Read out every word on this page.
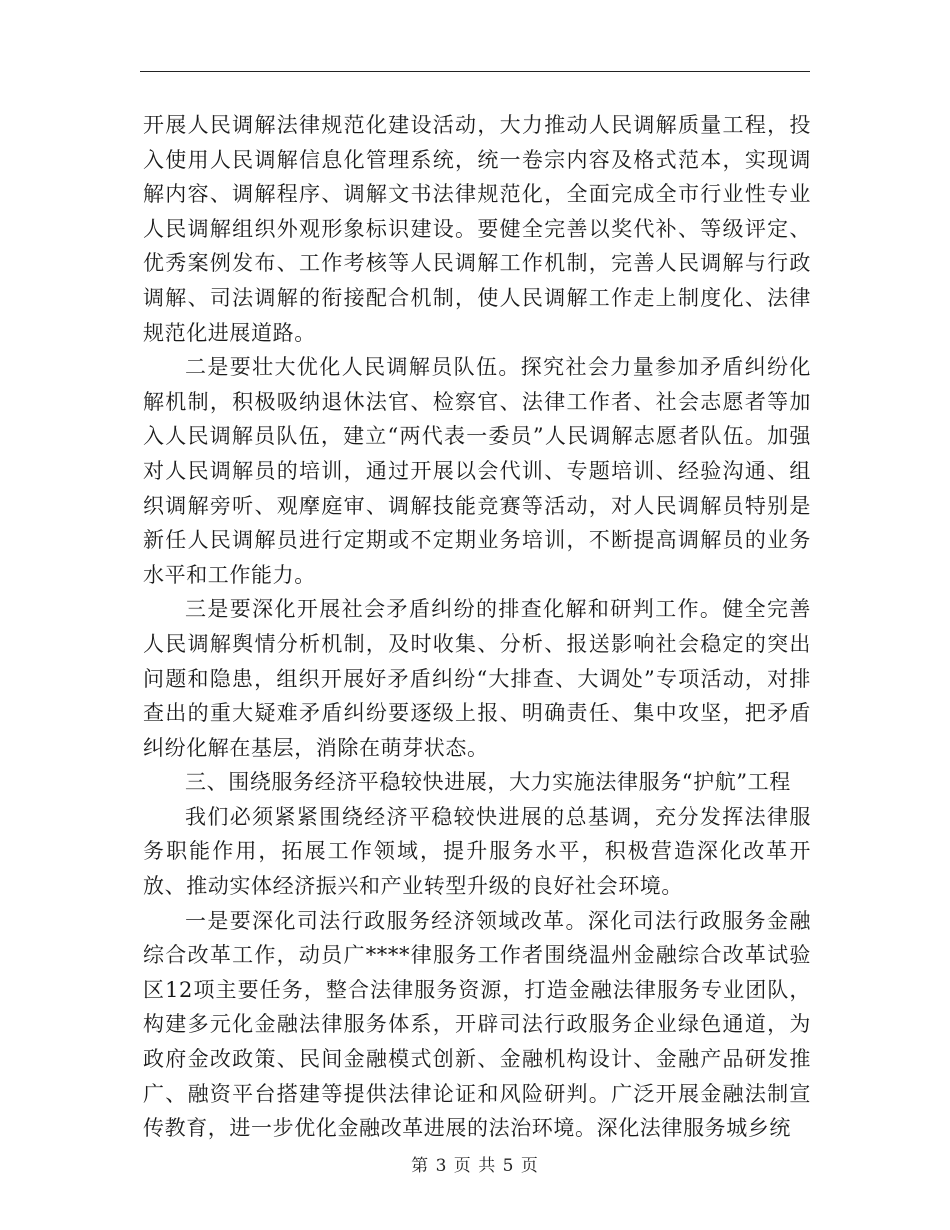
开展人民调解法律规范化建设活动，大力推动人民调解质量工程，投入使用人民调解信息化管理系统，统一卷宗内容及格式范本，实现调解内容、调解程序、调解文书法律规范化，全面完成全市行业性专业人民调解组织外观形象标识建设。要健全完善以奖代补、等级评定、优秀案例发布、工作考核等人民调解工作机制，完善人民调解与行政调解、司法调解的衔接配合机制，使人民调解工作走上制度化、法律规范化进展道路。

二是要壮大优化人民调解员队伍。探究社会力量参加矛盾纠纷化解机制，积极吸纳退休法官、检察官、法律工作者、社会志愿者等加入人民调解员队伍，建立“两代表一委员”人民调解志愿者队伍。加强对人民调解员的培训，通过开展以会代训、专题培训、经验沟通、组织调解旁听、观摩庭审、调解技能竞赛等活动，对人民调解员特别是新任人民调解员进行定期或不定期业务培训，不断提高调解员的业务水平和工作能力。

三是要深化开展社会矛盾纠纷的排查化解和研判工作。健全完善人民调解舆情分析机制，及时收集、分析、报送影响社会稳定的突出问题和隐患，组织开展好矛盾纠纷“大排查、大调处”专项活动，对排查出的重大疑难矛盾纠纷要逐级上报、明确责任、集中攻坚，把矛盾纠纷化解在基层，消除在萌芽状态。

三、围绕服务经济平稳较快进展，大力实施法律服务“护航”工程

我们必须紧紧围绕经济平稳较快进展的总基调，充分发挥法律服务职能作用，拓展工作领域，提升服务水平，积极营造深化改革开放、推动实体经济振兴和产业转型升级的良好社会环境。

一是要深化司法行政服务经济领域改革。深化司法行政服务金融综合改革工作，动员广****律服务工作者围绕温州金融综合改革试验区12项主要任务，整合法律服务资源，打造金融法律服务专业团队，构建多元化金融法律服务体系，开辟司法行政服务企业绿色通道，为政府金改政策、民间金融模式创新、金融机构设计、金融产品研发推广、融资平台搭建等提供法律论证和风险研判。广泛开展金融法制宣传教育，进一步优化金融改革进展的法治环境。深化法律服务城乡统

第 3 页 共 5 页
